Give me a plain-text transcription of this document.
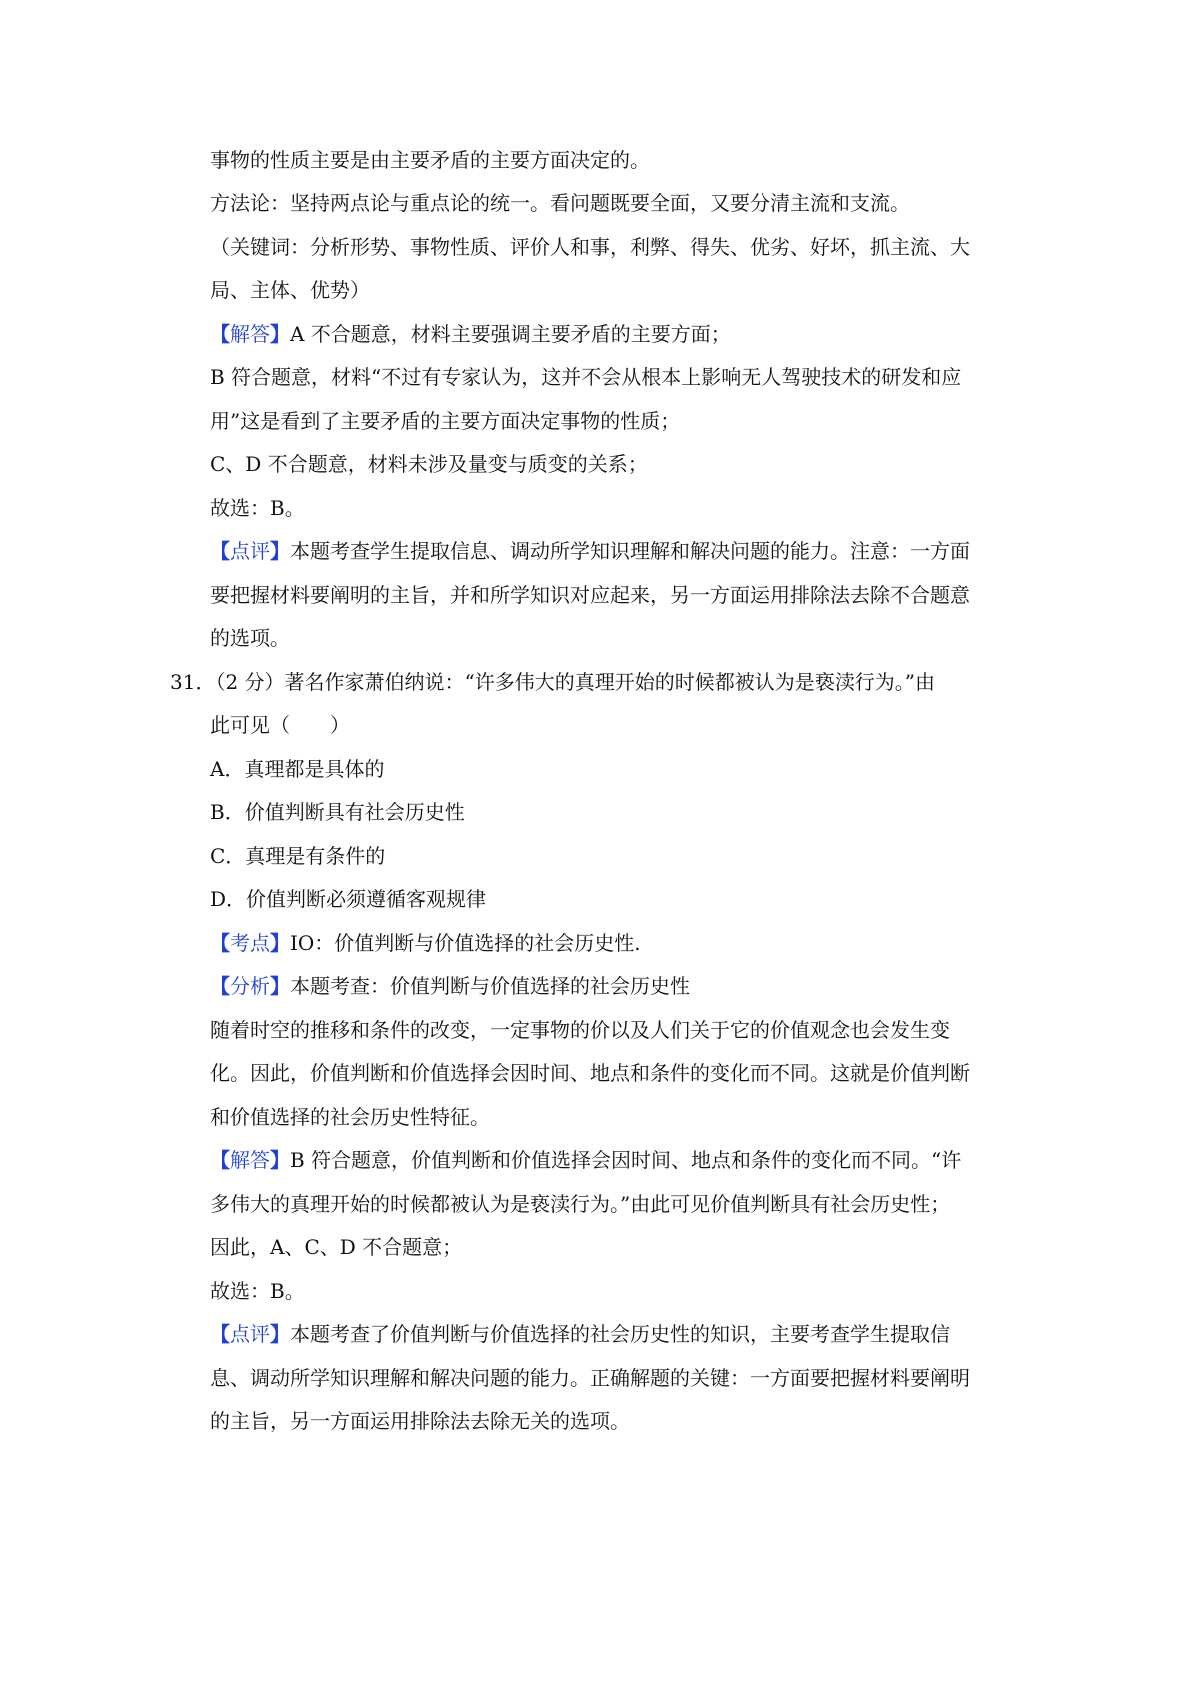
事物的性质主要是由主要矛盾的主要方面决定的。
方法论：坚持两点论与重点论的统一。看问题既要全面，又要分清主流和支流。
（关键词：分析形势、事物性质、评价人和事，利弊、得失、优劣、好坏，抓主流、大
局、主体、优势）
【解答】A 不合题意，材料主要强调主要矛盾的主要方面；
B 符合题意，材料“不过有专家认为，这并不会从根本上影响无人驾驶技术的研发和应
用”这是看到了主要矛盾的主要方面决定事物的性质；
C、D 不合题意，材料未涉及量变与质变的关系；
故选：B。
【点评】本题考查学生提取信息、调动所学知识理解和解决问题的能力。注意：一方面
要把握材料要阐明的主旨，并和所学知识对应起来，另一方面运用排除法去除不合题意
的选项。
31．（2 分）著名作家萧伯纳说：“许多伟大的真理开始的时候都被认为是亵渎行为。”由
此可见（　　）
A．真理都是具体的
B．价值判断具有社会历史性
C．真理是有条件的
D．价值判断必须遵循客观规律
【考点】IO：价值判断与价值选择的社会历史性.
【分析】本题考查：价值判断与价值选择的社会历史性
随着时空的推移和条件的改变，一定事物的价以及人们关于它的价值观念也会发生变
化。因此，价值判断和价值选择会因时间、地点和条件的变化而不同。这就是价值判断
和价值选择的社会历史性特征。
【解答】B 符合题意，价值判断和价值选择会因时间、地点和条件的变化而不同。“许
多伟大的真理开始的时候都被认为是亵渎行为。”由此可见价值判断具有社会历史性；
因此，A、C、D 不合题意；
故选：B。
【点评】本题考查了价值判断与价值选择的社会历史性的知识，主要考查学生提取信
息、调动所学知识理解和解决问题的能力。正确解题的关键：一方面要把握材料要阐明
的主旨，另一方面运用排除法去除无关的选项。
